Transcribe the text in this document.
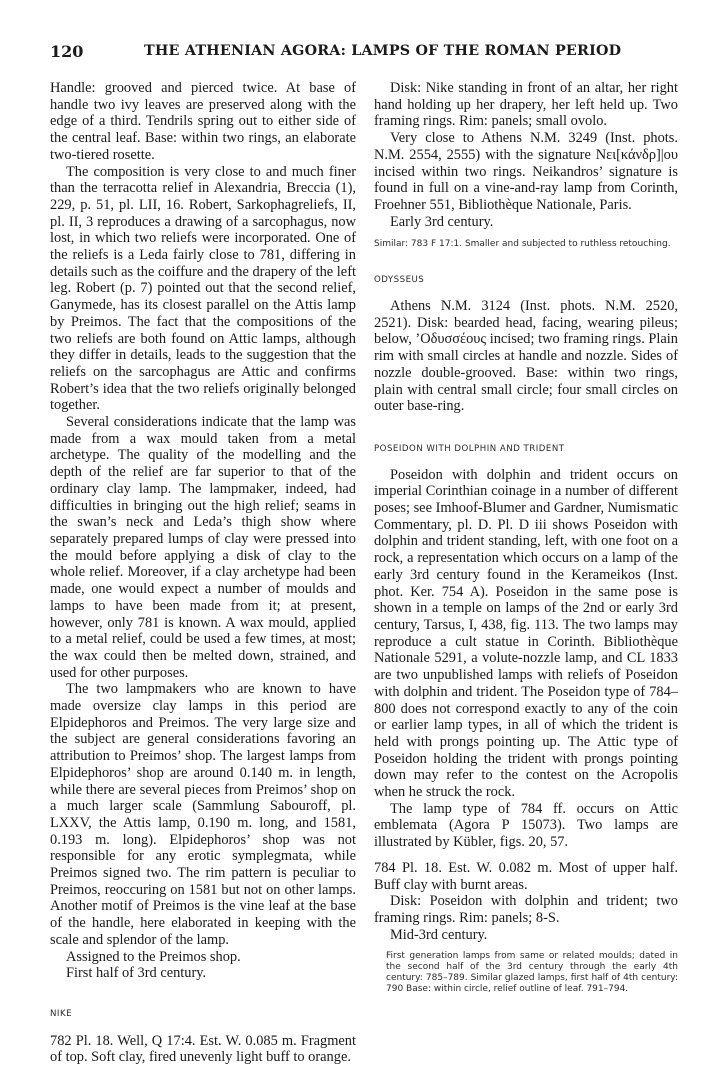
120	THE ATHENIAN AGORA: LAMPS OF THE ROMAN PERIOD

Handle: grooved and pierced twice. At base of handle two ivy leaves are preserved along with the edge of a third. Tendrils spring out to either side of the central leaf. Base: within two rings, an elaborate two-tiered rosette.

The composition is very close to and much finer than the terracotta relief in Alexandria, Breccia (1), 229, p. 51, pl. LII, 16. Robert, Sarkophagreliefs, II, pl. II, 3 reproduces a drawing of a sarcophagus, now lost, in which two reliefs were incorporated. One of the reliefs is a Leda fairly close to 781, differing in details such as the coiffure and the drapery of the left leg. Robert (p. 7) pointed out that the second relief, Ganymede, has its closest parallel on the Attis lamp by Preimos. The fact that the compositions of the two reliefs are both found on Attic lamps, although they differ in details, leads to the suggestion that the reliefs on the sarcophagus are Attic and confirms Robert’s idea that the two reliefs originally belonged together.

Several considerations indicate that the lamp was made from a wax mould taken from a metal archetype. The quality of the modelling and the depth of the relief are far superior to that of the ordinary clay lamp. The lampmaker, indeed, had difficulties in bringing out the high relief; seams in the swan’s neck and Leda’s thigh show where separately prepared lumps of clay were pressed into the mould before applying a disk of clay to the whole relief. Moreover, if a clay archetype had been made, one would expect a number of moulds and lamps to have been made from it; at present, however, only 781 is known. A wax mould, applied to a metal relief, could be used a few times, at most; the wax could then be melted down, strained, and used for other purposes.

The two lampmakers who are known to have made oversize clay lamps in this period are Elpidephoros and Preimos. The very large size and the subject are general considerations favoring an attribution to Preimos’ shop. The largest lamps from Elpidephoros’ shop are around 0.140 m. in length, while there are several pieces from Preimos’ shop on a much larger scale (Sammlung Sabouroff, pl. LXXV, the Attis lamp, 0.190 m. long, and 1581, 0.193 m. long). Elpidephoros’ shop was not responsible for any erotic symplegmata, while Preimos signed two. The rim pattern is peculiar to Preimos, reoccuring on 1581 but not on other lamps. Another motif of Preimos is the vine leaf at the base of the handle, here elaborated in keeping with the scale and splendor of the lamp.

Assigned to the Preimos shop.

First half of 3rd century.

NIKE

782 Pl. 18. Well, Q 17:4. Est. W. 0.085 m. Fragment of top. Soft clay, fired unevenly light buff to orange.

Disk: Nike standing in front of an altar, her right hand holding up her drapery, her left held up. Two framing rings. Rim: panels; small ovolo.

Very close to Athens N.M. 3249 (Inst. phots. N.M. 2554, 2555) with the signature Νει[κάνδρ]|ου incised within two rings. Neikandros’ signature is found in full on a vine-and-ray lamp from Corinth, Froehner 551, Bibliothèque Nationale, Paris.

Early 3rd century.

Similar: 783 F 17:1. Smaller and subjected to ruthless retouching.

ODYSSEUS

Athens N.M. 3124 (Inst. phots. N.M. 2520, 2521). Disk: bearded head, facing, wearing pileus; below, ’Οδυσσέους incised; two framing rings. Plain rim with small circles at handle and nozzle. Sides of nozzle double-grooved. Base: within two rings, plain with central small circle; four small circles on outer base-ring.

POSEIDON WITH DOLPHIN AND TRIDENT

Poseidon with dolphin and trident occurs on imperial Corinthian coinage in a number of different poses; see Imhoof-Blumer and Gardner, Numismatic Commentary, pl. D. Pl. D iii shows Poseidon with dolphin and trident standing, left, with one foot on a rock, a representation which occurs on a lamp of the early 3rd century found in the Kerameikos (Inst. phot. Ker. 754 A). Poseidon in the same pose is shown in a temple on lamps of the 2nd or early 3rd century, Tarsus, I, 438, fig. 113. The two lamps may reproduce a cult statue in Corinth. Bibliothèque Nationale 5291, a volute-nozzle lamp, and CL 1833 are two unpublished lamps with reliefs of Poseidon with dolphin and trident. The Poseidon type of 784–800 does not correspond exactly to any of the coin or earlier lamp types, in all of which the trident is held with prongs pointing up. The Attic type of Poseidon holding the trident with prongs pointing down may refer to the contest on the Acropolis when he struck the rock.

The lamp type of 784 ff. occurs on Attic emblemata (Agora P 15073). Two lamps are illustrated by Kübler, figs. 20, 57.

784 Pl. 18. Est. W. 0.082 m. Most of upper half. Buff clay with burnt areas.

Disk: Poseidon with dolphin and trident; two framing rings. Rim: panels; 8-S.

Mid-3rd century.

First generation lamps from same or related moulds; dated in the second half of the 3rd century through the early 4th century: 785–789. Similar glazed lamps, first half of 4th century: 790 Base: within circle, relief outline of leaf. 791–794.
